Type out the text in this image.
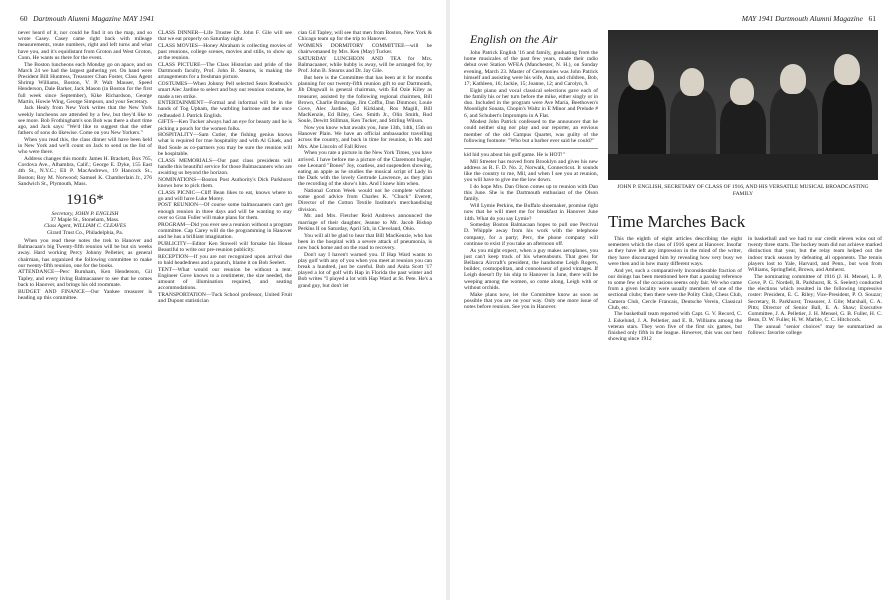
60 Dartmouth Alumni Magazine MAY 1941

never heard of it, nor could he find it on the map, and so wrote Casey. Casey came right back with mileage measurements, route numbers, right and left turns and what have you, and it's equidistant from Groton and West Groton, Conn. He wants us there for the event.

The Boston luncheons each Monday go on apace, and on March 24 we had the largest gathering yet. On hand were President Bill Huntress, Treasurer Chan Foster, Class Agent Shrimp Williams, Boston, V. P. Walt Mauser, Speed Henderson, Dale Barker, Jack Mason (in Boston for the first full week since September), Kike Richardson, George Martin, Howie Wing, George Simpson, and your Secretary.

Jack Healy from New York writes that the New York weekly luncheons are attended by a few, but they'd like to see more. Bob Frothingham's son Bob was there a short time ago, and Jack says: "We'd like to suggest that the other fathers of sons do likewise. Come on you New Yorkers."

When you read this, the class dinner will have been held in New York and we'll count on Jack to send us the list of who were there.

Address changes this month: James H. Brackett, Box 765, Cordova Ave., Alhambra, Calif.; George E. Dyke, 155 East 4th St., N.Y.C.; Eli P. MacAndrews, 19 Hancock St., Boston; Roy M. Norwood; Samuel K. Chamberlain Jr., 276 Sandwich St., Plymouth, Mass.

1916*
Secretary, JOHN P. ENGLISH
37 Maple St., Stoneham, Mass.
Class Agent, WILLIAM C. CLEAVES
Girard Trust Co., Philadelphia, Pa.

When you read these notes the trek to Hanover and Balmacaan's big Twenty-fifth reunion will be but six weeks away. Hard working Percy Johnny Pelletier, as general chairman, has organized the following committee to make our twenty-fifth reunion, one for the books.

ATTENDANCE—Perc Burnham, Ken Henderson, Gil Tapley, and every living Balmacaaner to see that he comes back to Hanover, and brings his old roommate.

BUDGET AND FINANCE—Our Yankee treasurer is heading up this committee.

CLASS DINNER—Life Trustee Dr. John F. Gile will see that we eat properly on Saturday night.

CLASS MOVIES—Honey Abraham is collecting movies of past reunions, college scenes, movies and stills, to show up at the reunion.

CLASS PICTURE—The Class Historian and pride of the Dartmouth faculty, Prof. John B. Stearns, is making the arrangements for a freshman picture.

COSTUMES—When Johnny Pell selected Sears Roebuck's smart Alec Jardine to select and buy our reunion costume, he made a ten strike.

ENTERTAINMENT—Formal and informal will be in the hands of Tog Upham, the warbling baritone and the once redheaded J. Patrick English.

GIFTS—Ken Tucker always had an eye for beauty and he is picking a pouch for the women folks.

HOSPITALITY—Sam Cutler, the fishing genius knows what is required for true hospitality and with Al Gluek, and Rod Soule as co-partners you may be sure the reunion will be hospitable.

CLASS MEMORIALS—Our past class presidents will handle this beautiful service for those Balmacaaners who are awaiting us beyond the horizon.

NOMINATIONS—Boston Post Authority's Dick Parkhurst knows how to pick them.

CLASS PICNIC—Cliff Bean likes to eat, knows where to go and will have Luke Morey.

POST REUNION—Of course some balmacaaners can't get enough reunion in three days and will be wanting to stay over so Gran Fuller will make plans for them.

PROGRAM—Did you ever see a reunion without a program committee. Cap Carey will do the programming in Hanover and he has a brilliant imagination.

PUBLICITY—Editor Ken Stowell will forsake his House Beautiful to write our pre-reunion publicity.

RECEPTION—If you are not recognized upon arrival due to bald headedness and a paunch, blame it on Bob Seelert.

TENT—What would our reunion be without a tent. Engineer Gove knows to a centimeter, the size needed, the amount of illumination required, and seating accommodations.

TRANSPORTATION—Tuck School professor, United Fruit and Dupont statistician

cian Gil Tapley, will see that men from Boston, New York & Chicago team up for the trip to Hanover.

WOMENS DORMITORY COMMITTEE—will be chairwomaned by Mrs. Ken (May) Tucker.

SATURDAY LUNCHEON AND TEA for Mrs. Balmacaaner, while hubby is away, will be arranged for, by Prof. John B. Stearns and Dr. Jay Gile.

But here is the Committee that has been at it for months planning for our twenty-fifth reunion gift to our Dartmouth, Jib Dingwall is general chairman, with Ed Ozie Kiley as treasurer, assisted by the following regional chairmen, Bill Brown, Charlie Brundage, Jim Coffin, Dan Dinmoor, Louie Gove, Alec Jardine, Ed Kirkland, Ros Magill, Bill MacKenzie, Ed Riley, Geo. Smith Jr., Olin Smith, Rod Soule, Dewitt Stillman, Ken Tucker, and Stirling Wilson.

Now you know what awaits you, June 13th, 14th, 15th on Hanover Plain. We have an official ambassador travelling across the country, and back in time for reunion, in Mr. and Mrs. Abe Lincoln of Fall River.

When you rate a picture in the New York Times, you have arrived. I have before me a picture of the Claremont bugler, one Leonard "Bones" Joy, coatless, and suspenders showing, eating an apple as he studies the musical script of Lady in the Dark with the lovely Gertrude Lawrence, as they plan the recording of the show's hits. And I knew him when.

National Cotton Week would not be complete without some good advice from Charles K. "Chuck" Everett, Director of the Cotton Textile Institute's merchandising division.

Mr. and Mrs. Fletcher Reid Andrews announced the marriage of their daughter, Jeanne to Mr. Jacob Bishop Perkins II on Saturday, April 5th, in Cleveland, Ohio.

You will all be glad to hear that Bill MacKenzie, who has been in the hospital with a severe attack of pneumonia, is now back home and on the road to recovery.

Don't say I haven't warned you. If Hap Ward wants to play golf with any of you when you meet at reunion you can break a hundred, just be careful. Bob and Anita Scott '17 played a lot of golf with Hap in Florida the past winter and Bob writes "I played a lot with Hap Ward at St. Pete. He's a grand guy, but don't let

MAY 1941 Dartmouth Alumni Magazine 61
English on the Air

John Patrick English '16 and family, graduating from the home musicales of the past few years, made their radio debut over Station WFEA (Manchester, N. H.), on Sunday evening, March 23. Master of Ceremonies was John Patrick himself and assisting were his wife, Ann, and children, Bob, 17; Kathleen, 16; Jackie, 15; Joanne, 12; and Carolyn, 9.

Eight piano and vocal classical selections gave each of the family his or her turn before the mike, either singly or in duo. Included in the program were Ave Maria, Beethoven's Moonlight Sonata, Chopin's Waltz in E Minor and Prelude # 6, and Schubert's Impromptu in A Flat.

Modest John Patrick confessed to the announcer that he could neither sing nor play and our reporter, an envious member of the old Campus Quartet, was guilty of the following footnote: "Who but a barber ever said he could?"

kid hid you about his golf game. He is HOT!"

Mil Streeter has moved from Brooklyn and gives his new address as R. F. D. No. 2, Norwalk, Connecticut. It sounds like the country to me, Mil, and when I see you at reunion, you will have to give me the low down.

I do hope Mrs. Dan Olson comes up to reunion with Dan this June. She is the Dartmouth enthusiast of the Olson family.

Will Lymie Perkins, the Buffalo shoemaker, promise right now that he will meet me for breakfast in Hanover June 14th. What do you say Lymie?

Someday Boston Balmacaan hopes to pull one Percival D. Whipple away from his work with the telephone company, for a party; Perc, the phone company will continue to exist if you take an afternoon off.

As you might expect, when a guy makes aeroplanes, you just can't keep track of his whereabouts. That goes for Bellanca Aircraft's president, the handsome Leigh Rogers, builder, cosmopolitan, and connoisseur of good vintages. If Leigh doesn't fly his ship to Hanover in June, there will be weeping among the women, so come along, Leigh with or without orchids.

Make plans now, let the Committee know as soon as possible that you are on your way. Only one more issue of notes before reunion. See you in Hanover.

JOHN P. ENGLISH, SECRETARY OF CLASS OF 1916, AND HIS VERSATILE MUSICAL BROADCASTING FAMILY
Time Marches Back

This the eighth of eight articles describing the eight semesters which the class of 1916 spent at Hanover. Insofar as they have left any impression in the mind of the writer, they have discouraged him by revealing how very busy we were then and in how many different ways.

And yet, such a comparatively inconsiderable fraction of our doings has been mentioned here that a passing reference to some few of the occasions seems only fair. We who came from a given locality were usually members of one of the sectional clubs; then there were the Polity Club, Chess Club, Camera Club, Cercle Francais, Deutsche Verein, Classical Club, etc.

The basketball team reported with Capt. G. V. Record, C. J. Eskelund, J. A. Pelletier, and E. R. Williams among the veteran stars. They won five of the first six games, but finished only fifth in the league. However, this was our best showing since 1912

in basketball and we had to our credit eleven wins out of twenty three starts. The hockey team did not achieve marked distinction that year, but the relay team helped out the indoor track season by defeating all opponents. The tennis players lost to Yale, Harvard, and Penn., but won from Williams, Springfield, Brown, and Amherst.

The nominating committee of 1916 (J. H. Mensel, L. P. Gove, P. G. Nordell, R. Parkhurst, R. S. Seelert) conducted the elections which resulted in the following impressive roster: President, E. C. Riley; Vice-President, P. O. Souzar; Secretary, R. Parkhurst; Treasurer, J. Gile; Marshall, C. A. Pitts; Director of Senior Ball, E. A. Shaw; Executive Committee, J. A. Pelletier, J. H. Mensel, G. B. Fuller, H. C. Bean, D. W. Fuller, H. W. Marble, C. C. Hitchcock.

The annual "senior choices" may be summarized as follows: favorite college
